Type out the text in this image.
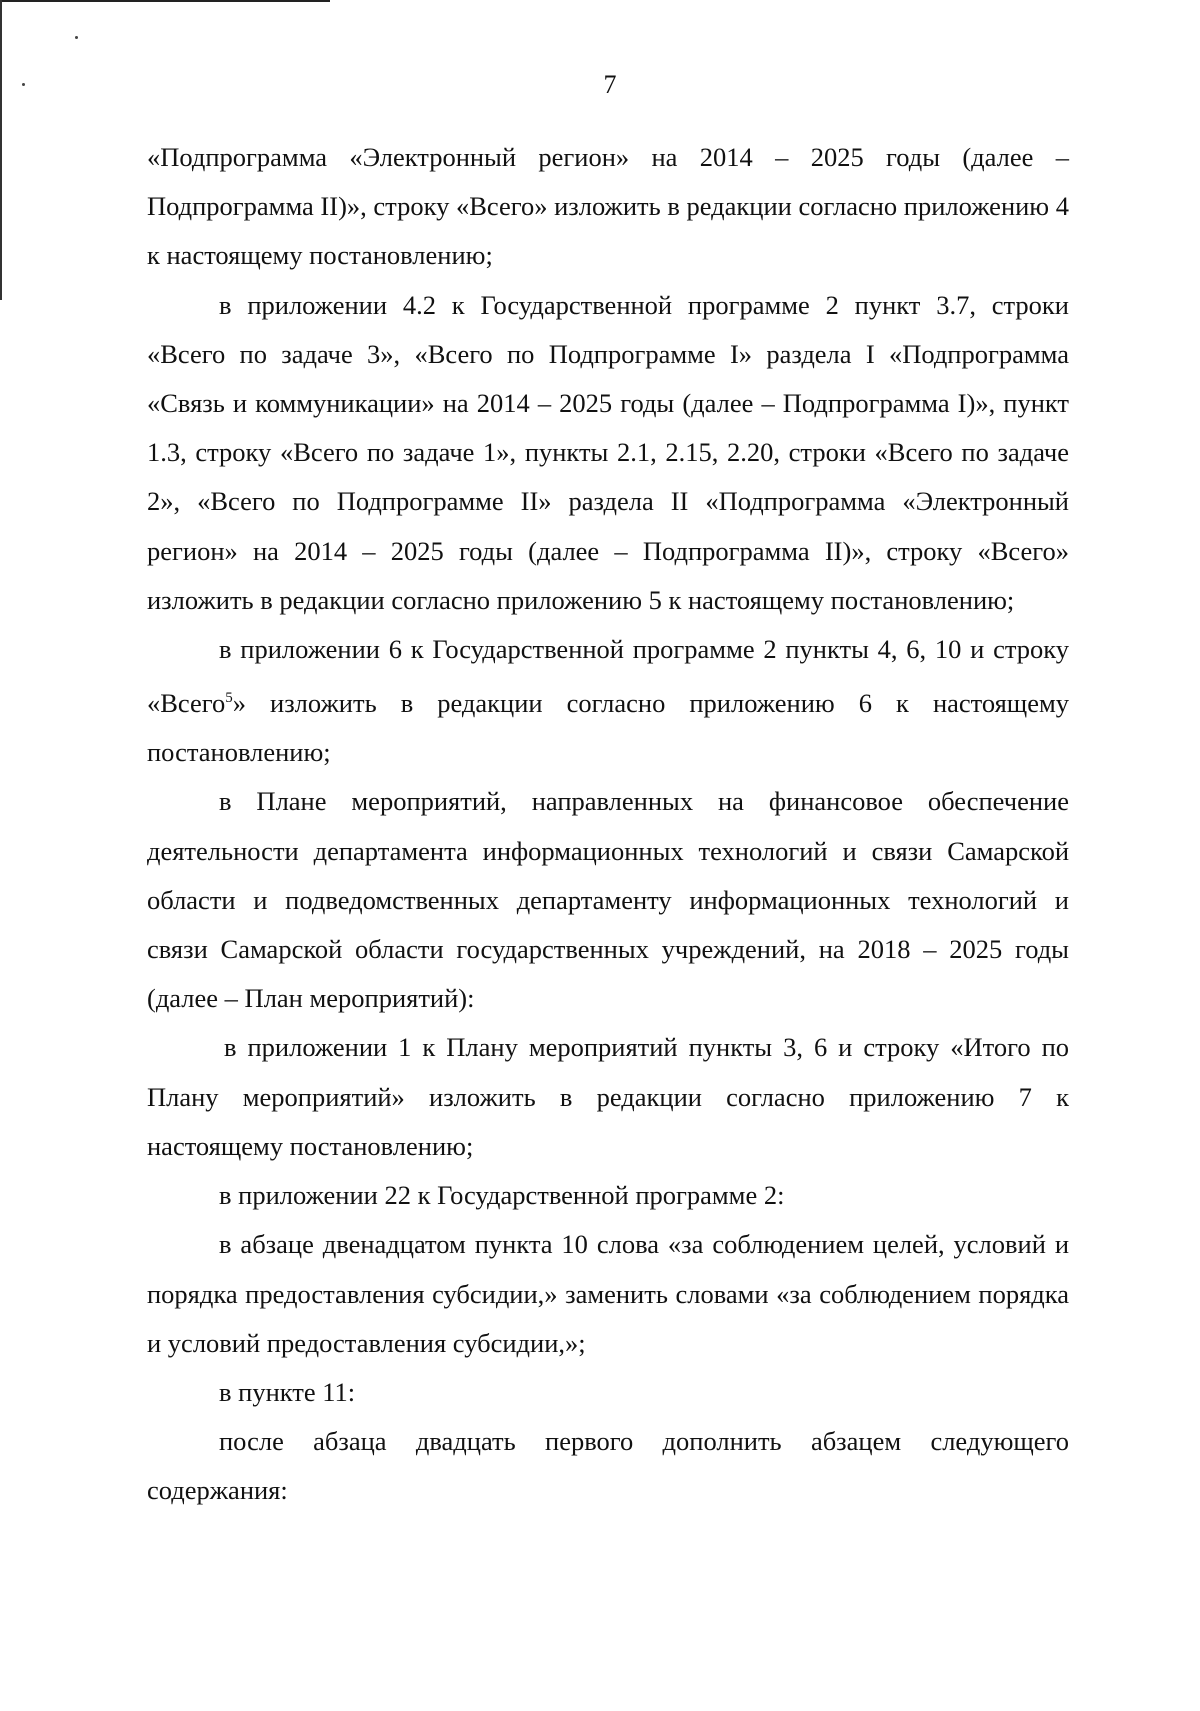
7

«Подпрограмма «Электронный регион» на 2014 – 2025 годы (далее – Подпрограмма II)», строку «Всего» изложить в редакции согласно приложению 4 к настоящему постановлению;

в приложении 4.2 к Государственной программе 2 пункт 3.7, строки «Всего по задаче 3», «Всего по Подпрограмме I» раздела I «Подпрограмма «Связь и коммуникации» на 2014 – 2025 годы (далее – Подпрограмма I)», пункт 1.3, строку «Всего по задаче 1», пункты 2.1, 2.15, 2.20, строки «Всего по задаче 2», «Всего по Подпрограмме II» раздела II «Подпрограмма «Электронный регион» на 2014 – 2025 годы (далее – Подпрограмма II)», строку «Всего» изложить в редакции согласно приложению 5 к настоящему постановлению;

в приложении 6 к Государственной программе 2 пункты 4, 6, 10 и строку «Всего$^5$» изложить в редакции согласно приложению 6 к настоящему постановлению;

в Плане мероприятий, направленных на финансовое обеспечение деятельности департамента информационных технологий и связи Самарской области и подведомственных департаменту информационных технологий и связи Самарской области государственных учреждений, на 2018 – 2025 годы (далее – План мероприятий):

в приложении 1 к Плану мероприятий пункты 3, 6 и строку «Итого по Плану мероприятий» изложить в редакции согласно приложению 7 к настоящему постановлению;

в приложении 22 к Государственной программе 2:

в абзаце двенадцатом пункта 10 слова «за соблюдением целей, условий и порядка предоставления субсидии,» заменить словами «за соблюдением порядка и условий предоставления субсидии,»;

в пункте 11:

после абзаца двадцать первого дополнить абзацем следующего содержания:
